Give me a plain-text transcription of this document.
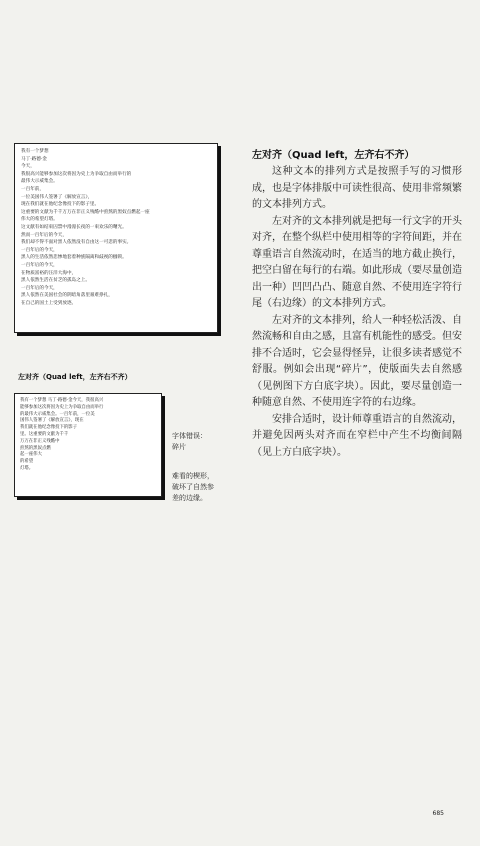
我有一个梦想
马丁·路德·金
今天，
我很高兴能够参加这次将因为史上为争取自由而举行的
最伟大示威集会。
一百年前，
一位美国伟人签署了《解放宣言》，
现在我们就在他纪念像投下的影子里。
这重要的文献为千千万万在非正义残酷中煎熬的黑奴点燃起一座
伟大的希望灯塔。
这文献有如结束囚禁中漫漫长夜的一束欢乐的曙光。
然而一百年后的今天，
我们却不得不面对黑人依然没有自由这一可悲的事实。
一百年后的今天，
黑人的生活依然悲惨地套着种族隔离和歧视的枷锁。
一百年后的今天，
在物质富裕的汪洋大海中，
黑人依然生活在贫乏的孤岛之上。
一百年后的今天，
黑人依然在美国社会的阴暗角落里艰难挣扎，
在自己的国土上受到放逐。
左对齐（Quad left，左齐右不齐）
我有一个梦想 马丁·路德·金今天，我很高兴
能够参加这次将因为史上为争取自由而举行
的最伟大示威集会。一百年前，一位美
国伟人签署了《解放宣言》，现在
我们就在他纪念像投下的影子
里。这重要的文献为千千
万万在非正义残酷中
煎熬的黑奴点燃
起一座伟大
的希望
灯塔。
字体错误：
碎片
难看的楔形，
破坏了自然参
差的边缘。
左对齐（Quad left，左齐右不齐）

这种文本的排列方式是按照手写的习惯形成，也是字体排版中可读性很高、使用非常频繁的文本排列方式。

左对齐的文本排列就是把每一行文字的开头对齐，在整个纵栏中使用相等的字符间距，并在尊重语言自然流动时，在适当的地方截止换行，把空白留在每行的右端。如此形成（要尽量创造出一种）凹凹凸凸、随意自然、不使用连字符行尾（右边缘）的文本排列方式。

左对齐的文本排列，给人一种轻松活泼、自然流畅和自由之感，且富有机能性的感受。但安排不合适时，它会显得怪异，让很多读者感觉不舒服。例如会出现“碎片”，使版面失去自然感（见例图下方白底字块）。因此，要尽量创造一种随意自然、不使用连字符的右边缘。

安排合适时，设计师尊重语言的自然流动，并避免因两头对齐而在窄栏中产生不均衡间隔（见上方白底字块）。

685
